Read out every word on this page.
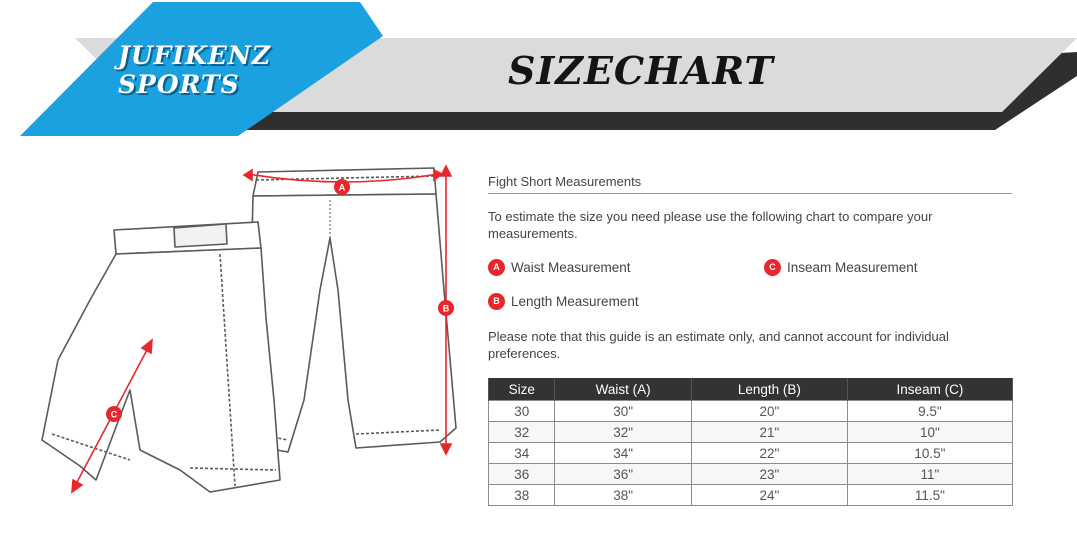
JUFIKENZ
SPORTS	SIZECHART
A
B
C
Fight Short Measurements
To estimate the size you need please use the following chart to compare your measurements.
A Waist Measurement	C Inseam Measurement
B Length Measurement
Please note that this guide is an estimate only, and cannot account for individual preferences.
Size	Waist (A)	Length (B)	Inseam (C)
30	30"	20"	9.5"
32	32"	21"	10"
34	34"	22"	10.5"
36	36"	23"	11"
38	38"	24"	11.5"
